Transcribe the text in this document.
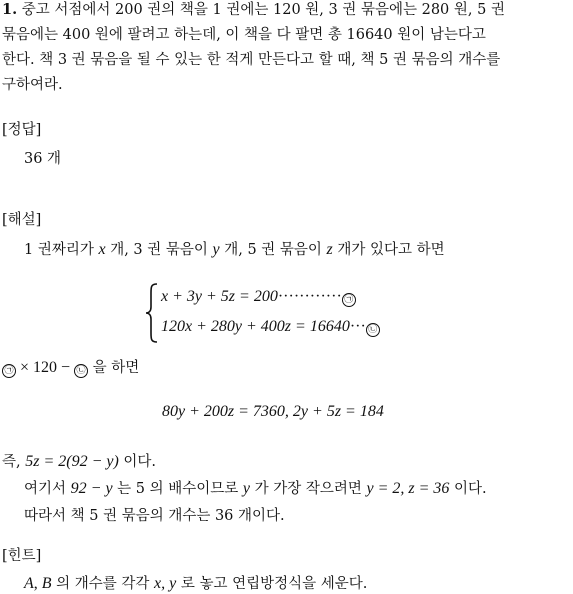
1. 중고 서점에서 200 권의 책을 1 권에는 120 원, 3 권 묶음에는 280 원, 5 권
묶음에는 400 원에 팔려고 하는데, 이 책을 다 팔면 총 16640 원이 남는다고
한다. 책 3 권 묶음을 될 수 있는 한 적게 만든다고 할 때, 책 5 권 묶음의 개수를
구하여라.
[정답]
36 개
[해설]
1 권짜리가 x 개, 3 권 묶음이 y 개, 5 권 묶음이 z 개가 있다고 하면
x + 3y + 5z = 200············ ㉠
120x + 280y + 400z = 16640··· ㉡
㉠ × 120 − ㉡ 을 하면
80y + 200z = 7360, 2y + 5z = 184
즉, 5z = 2(92 − y) 이다.
여기서 92 − y 는 5 의 배수이므로 y 가 가장 작으려면 y = 2, z = 36 이다.
따라서 책 5 권 묶음의 개수는 36 개이다.
[힌트]
A, B 의 개수를 각각 x, y 로 놓고 연립방정식을 세운다.
